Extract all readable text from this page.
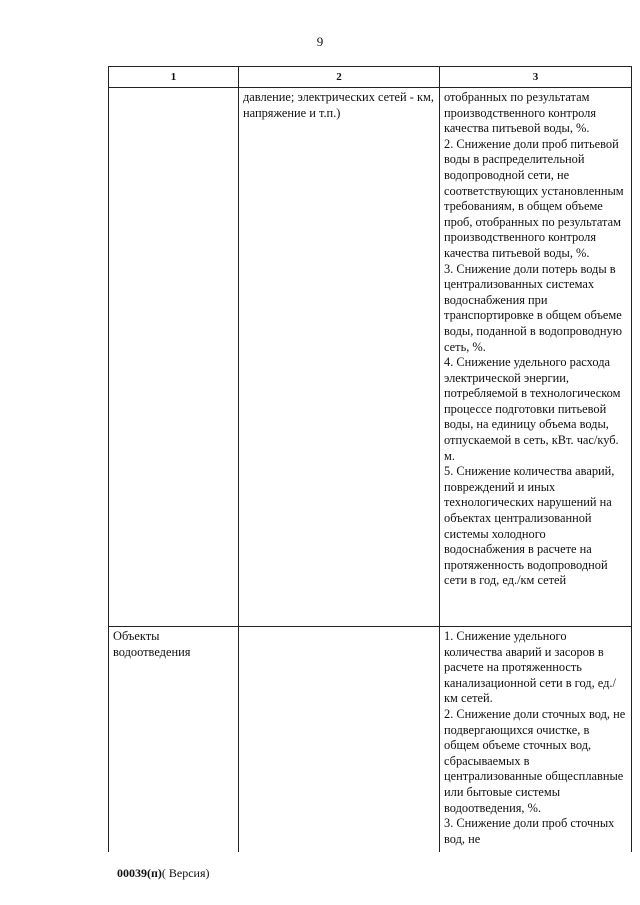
9
1	2	3
	давление; электрических сетей - км, напряжение и т.п.)	отобранных по результатам производственного контроля качества питьевой воды, %.
2. Снижение доли проб питьевой воды в распределительной водопроводной сети, не соответствующих установленным требованиям, в общем объеме проб, отобранных по результатам производственного контроля качества питьевой воды, %.
3. Снижение доли потерь воды в централизованных системах водоснабжения при транспортировке в общем объеме воды, поданной в водопроводную сеть, %.
4. Снижение удельного расхода электрической энергии, потребляемой в технологическом процессе подготовки питьевой воды, на единицу объема воды, отпускаемой в сеть, кВт. час/куб. м.
5. Снижение количества аварий, повреждений и иных технологических нарушений на объектах централизованной системы холодного водоснабжения в расчете на протяженность водопроводной сети в год, ед./км сетей
Объекты водоотведения		1. Снижение удельного количества аварий и засоров в расчете на протяженность канализационной сети в год, ед./км сетей.
2. Снижение доли сточных вод, не подвергающихся очистке, в общем объеме сточных вод, сбрасываемых в централизованные общесплавные или бытовые системы водоотведения, %.
3. Снижение доли проб сточных вод, не
00039(п)( Версия)
